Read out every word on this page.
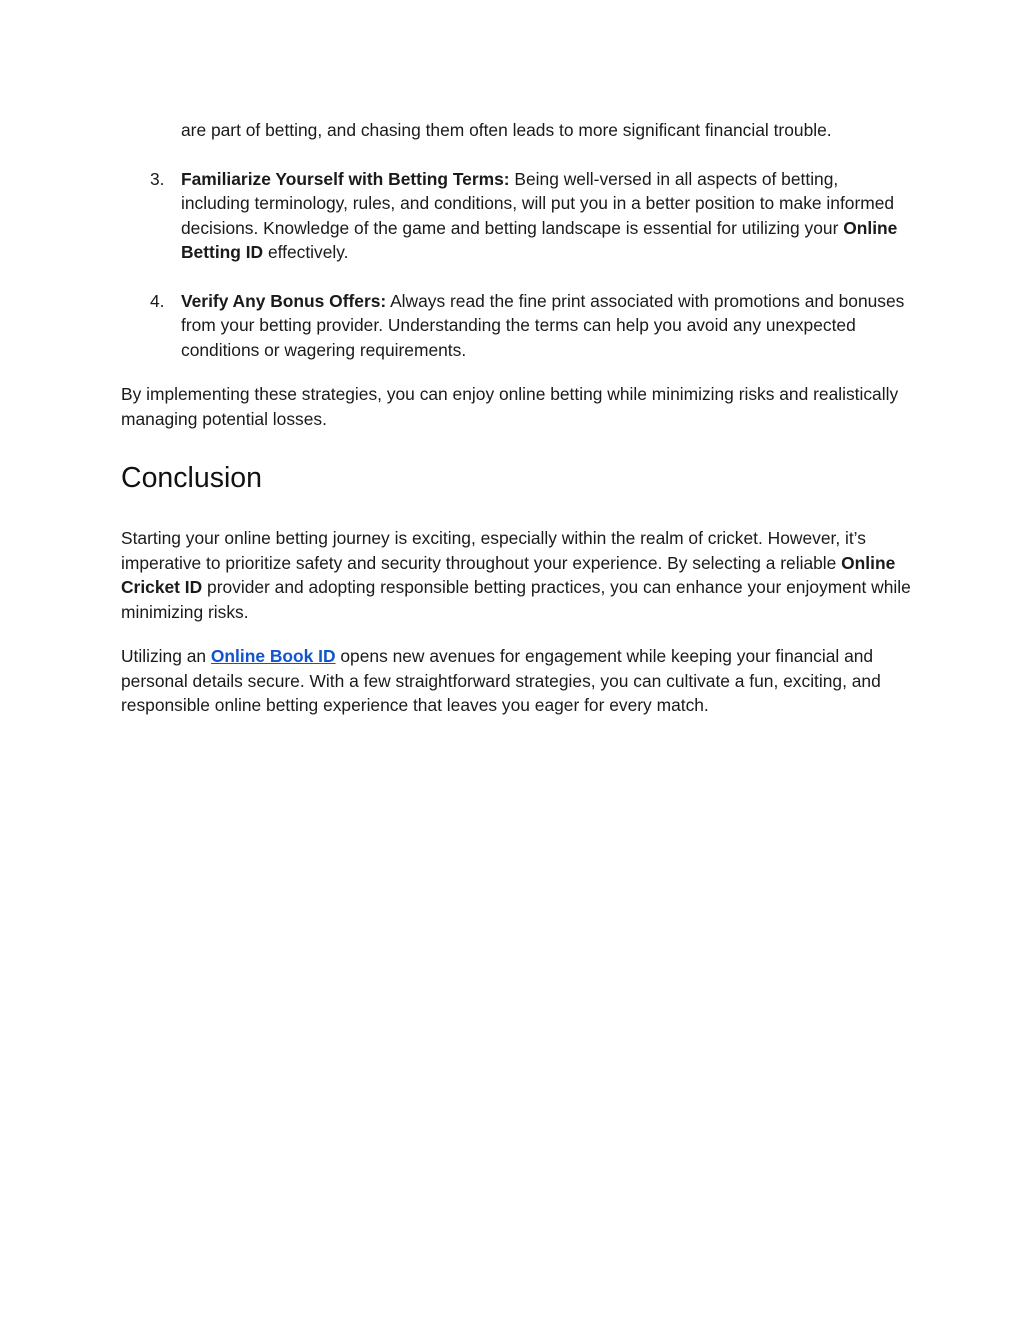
are part of betting, and chasing them often leads to more significant financial trouble.

3. Familiarize Yourself with Betting Terms: Being well-versed in all aspects of betting, including terminology, rules, and conditions, will put you in a better position to make informed decisions. Knowledge of the game and betting landscape is essential for utilizing your Online Betting ID effectively.

4. Verify Any Bonus Offers: Always read the fine print associated with promotions and bonuses from your betting provider. Understanding the terms can help you avoid any unexpected conditions or wagering requirements.

By implementing these strategies, you can enjoy online betting while minimizing risks and realistically managing potential losses.

Conclusion

Starting your online betting journey is exciting, especially within the realm of cricket. However, it’s imperative to prioritize safety and security throughout your experience. By selecting a reliable Online Cricket ID provider and adopting responsible betting practices, you can enhance your enjoyment while minimizing risks.

Utilizing an Online Book ID opens new avenues for engagement while keeping your financial and personal details secure. With a few straightforward strategies, you can cultivate a fun, exciting, and responsible online betting experience that leaves you eager for every match.
